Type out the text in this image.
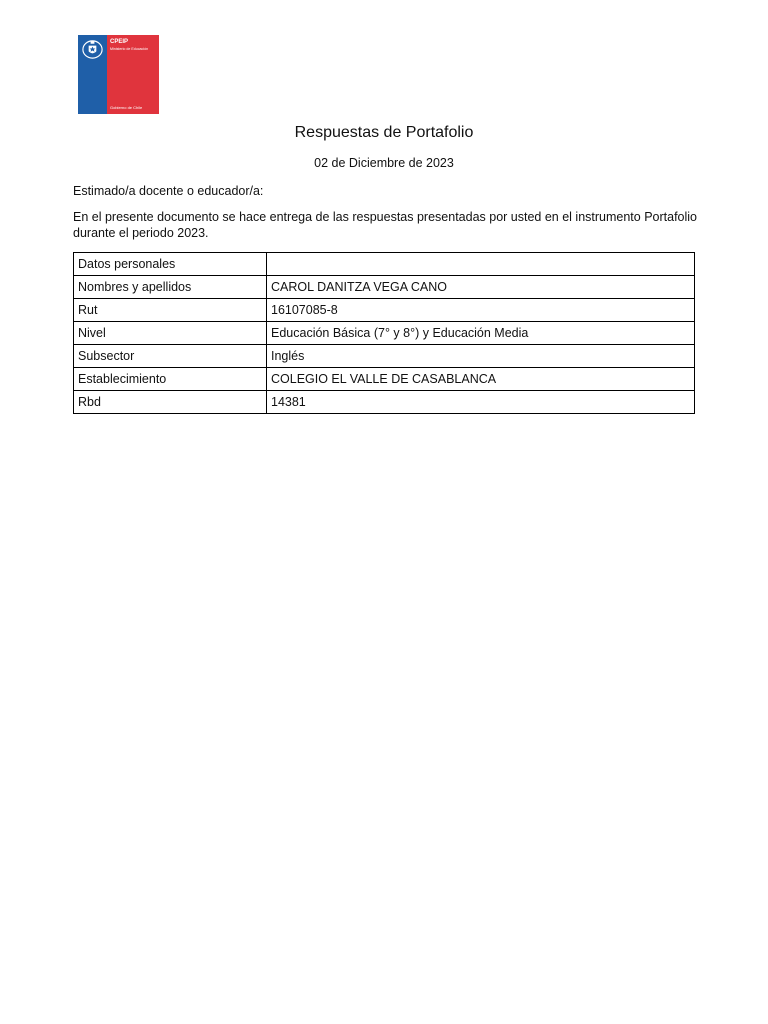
CPEIP
Ministerio de Educación
Gobierno de Chile
Respuestas de Portafolio
02 de Diciembre de 2023
Estimado/a docente o educador/a:
En el presente documento se hace entrega de las respuestas presentadas por usted en el instrumento Portafolio durante el periodo 2023.
Datos personales	
Nombres y apellidos	CAROL DANITZA VEGA CANO
Rut	16107085-8
Nivel	Educación Básica (7° y 8°) y Educación Media
Subsector	Inglés
Establecimiento	COLEGIO EL VALLE DE CASABLANCA
Rbd	14381
